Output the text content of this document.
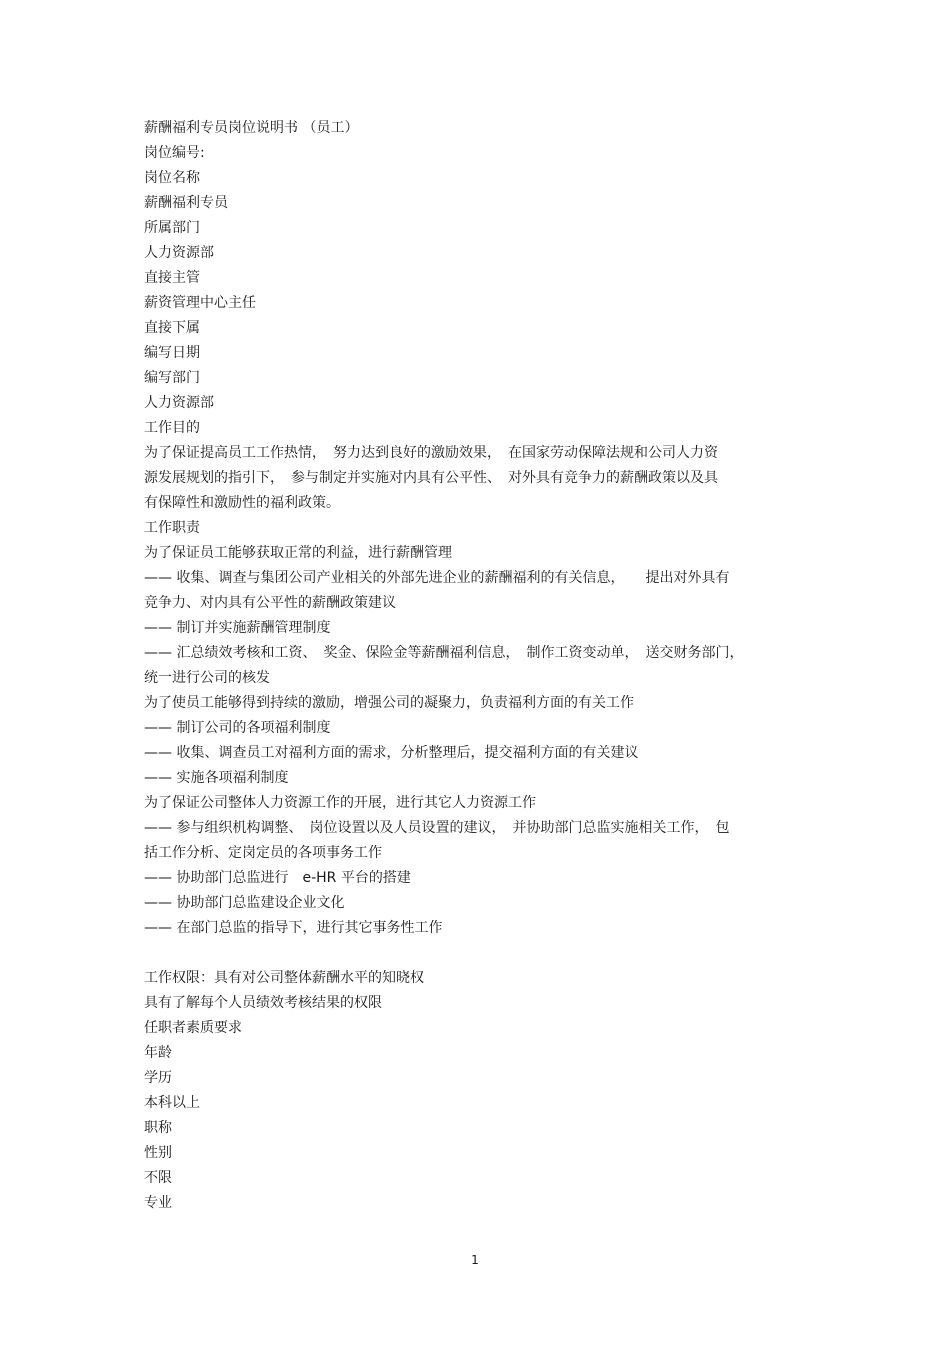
薪酬福利专员岗位说明书 （员工）
岗位编号:
岗位名称
薪酬福利专员
所属部门
人力资源部
直接主管
薪资管理中心主任
直接下属
编写日期
编写部门
人力资源部
工作目的
为了保证提高员工工作热情，　努力达到良好的激励效果，　在国家劳动保障法规和公司人力资
源发展规划的指引下，　参与制定并实施对内具有公平性、　对外具有竞争力的薪酬政策以及具
有保障性和激励性的福利政策。
工作职责
为了保证员工能够获取正常的利益，进行薪酬管理
—— 收集、调查与集团公司产业相关的外部先进企业的薪酬福利的有关信息，　　提出对外具有
竞争力、对内具有公平性的薪酬政策建议
—— 制订并实施薪酬管理制度
—— 汇总绩效考核和工资、　奖金、保险金等薪酬福利信息，　制作工资变动单，　送交财务部门，
统一进行公司的核发
为了使员工能够得到持续的激励，增强公司的凝聚力，负责福利方面的有关工作
—— 制订公司的各项福利制度
—— 收集、调查员工对福利方面的需求，分析整理后，提交福利方面的有关建议
—— 实施各项福利制度
为了保证公司整体人力资源工作的开展，进行其它人力资源工作
—— 参与组织机构调整、　岗位设置以及人员设置的建议，　并协助部门总监实施相关工作，　包
括工作分析、定岗定员的各项事务工作
—— 协助部门总监进行　e-HR 平台的搭建
—— 协助部门总监建设企业文化
—— 在部门总监的指导下，进行其它事务性工作
工作权限：具有对公司整体薪酬水平的知晓权
具有了解每个人员绩效考核结果的权限
任职者素质要求
年龄
学历
本科以上
职称
性别
不限
专业
1
